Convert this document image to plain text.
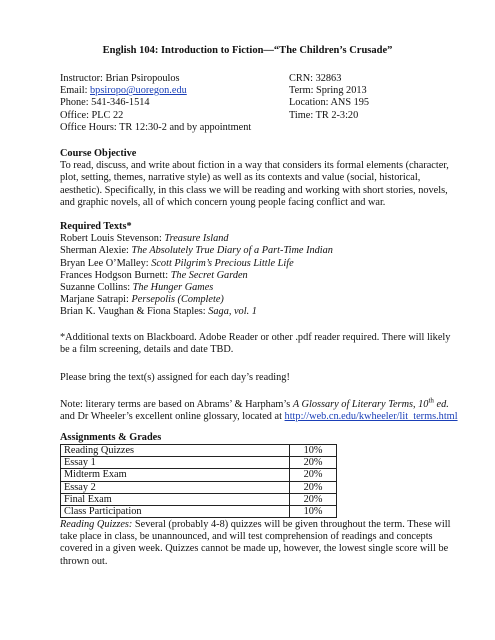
English 104: Introduction to Fiction—“The Children’s Crusade”
Instructor: Brian Psiropoulos
Email: bpsiropo@uoregon.edu
Phone: 541-346-1514
Office: PLC 22
Office Hours: TR 12:30-2 and by appointment
CRN: 32863
Term: Spring 2013
Location: ANS 195
Time: TR 2-3:20
Course Objective
To read, discuss, and write about fiction in a way that considers its formal elements (character,
plot, setting, themes, narrative style) as well as its contexts and value (social, historical,
aesthetic). Specifically, in this class we will be reading and working with short stories, novels,
and graphic novels, all of which concern young people facing conflict and war.
Required Texts*
Robert Louis Stevenson: Treasure Island
Sherman Alexie: The Absolutely True Diary of a Part-Time Indian
Bryan Lee O’Malley: Scott Pilgrim’s Precious Little Life
Frances Hodgson Burnett: The Secret Garden
Suzanne Collins: The Hunger Games
Marjane Satrapi: Persepolis (Complete)
Brian K. Vaughan & Fiona Staples: Saga, vol. 1
*Additional texts on Blackboard. Adobe Reader or other .pdf reader required. There will likely
be a film screening, details and date TBD.
Please bring the text(s) assigned for each day’s reading!
Note: literary terms are based on Abrams’ & Harpham’s A Glossary of Literary Terms, 10th ed.
and Dr Wheeler’s excellent online glossary, located at http://web.cn.edu/kwheeler/lit_terms.html
Assignments & Grades
Reading Quizzes	10%
Essay 1	20%
Midterm Exam	20%
Essay 2	20%
Final Exam	20%
Class Participation	10%
Reading Quizzes: Several (probably 4-8) quizzes will be given throughout the term. These will
take place in class, be unannounced, and will test comprehension of readings and concepts
covered in a given week. Quizzes cannot be made up, however, the lowest single score will be
thrown out.
